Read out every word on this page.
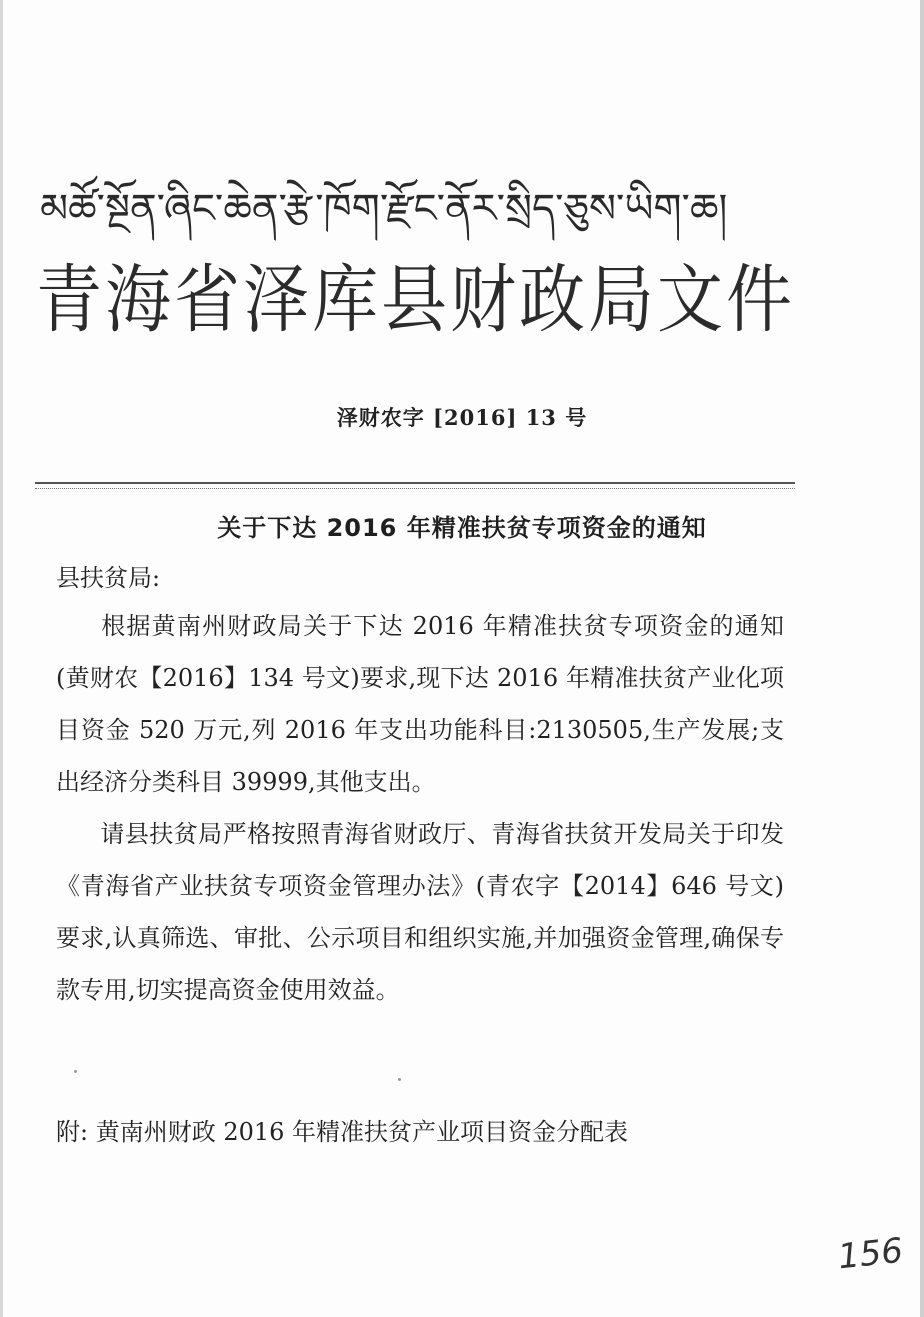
མཚོ་སྔོན་ཞིང་ཆེན་རྩེ་ཁོག་རྫོང་ནོར་སྲིད་ཅུས་ཡིག་ཆ།
青海省泽库县财政局文件
泽财农字 [2016] 13 号
关于下达 2016 年精准扶贫专项资金的通知
县扶贫局:
根据黄南州财政局关于下达 2016 年精准扶贫专项资金的通知(黄财农【2016】134 号文)要求,现下达 2016 年精准扶贫产业化项目资金 520 万元,列 2016 年支出功能科目:2130505,生产发展;支出经济分类科目 39999,其他支出。
请县扶贫局严格按照青海省财政厅、青海省扶贫开发局关于印发《青海省产业扶贫专项资金管理办法》(青农字【2014】646 号文)要求,认真筛选、审批、公示项目和组织实施,并加强资金管理,确保专款专用,切实提高资金使用效益。
附: 黄南州财政 2016 年精准扶贫产业项目资金分配表
156
